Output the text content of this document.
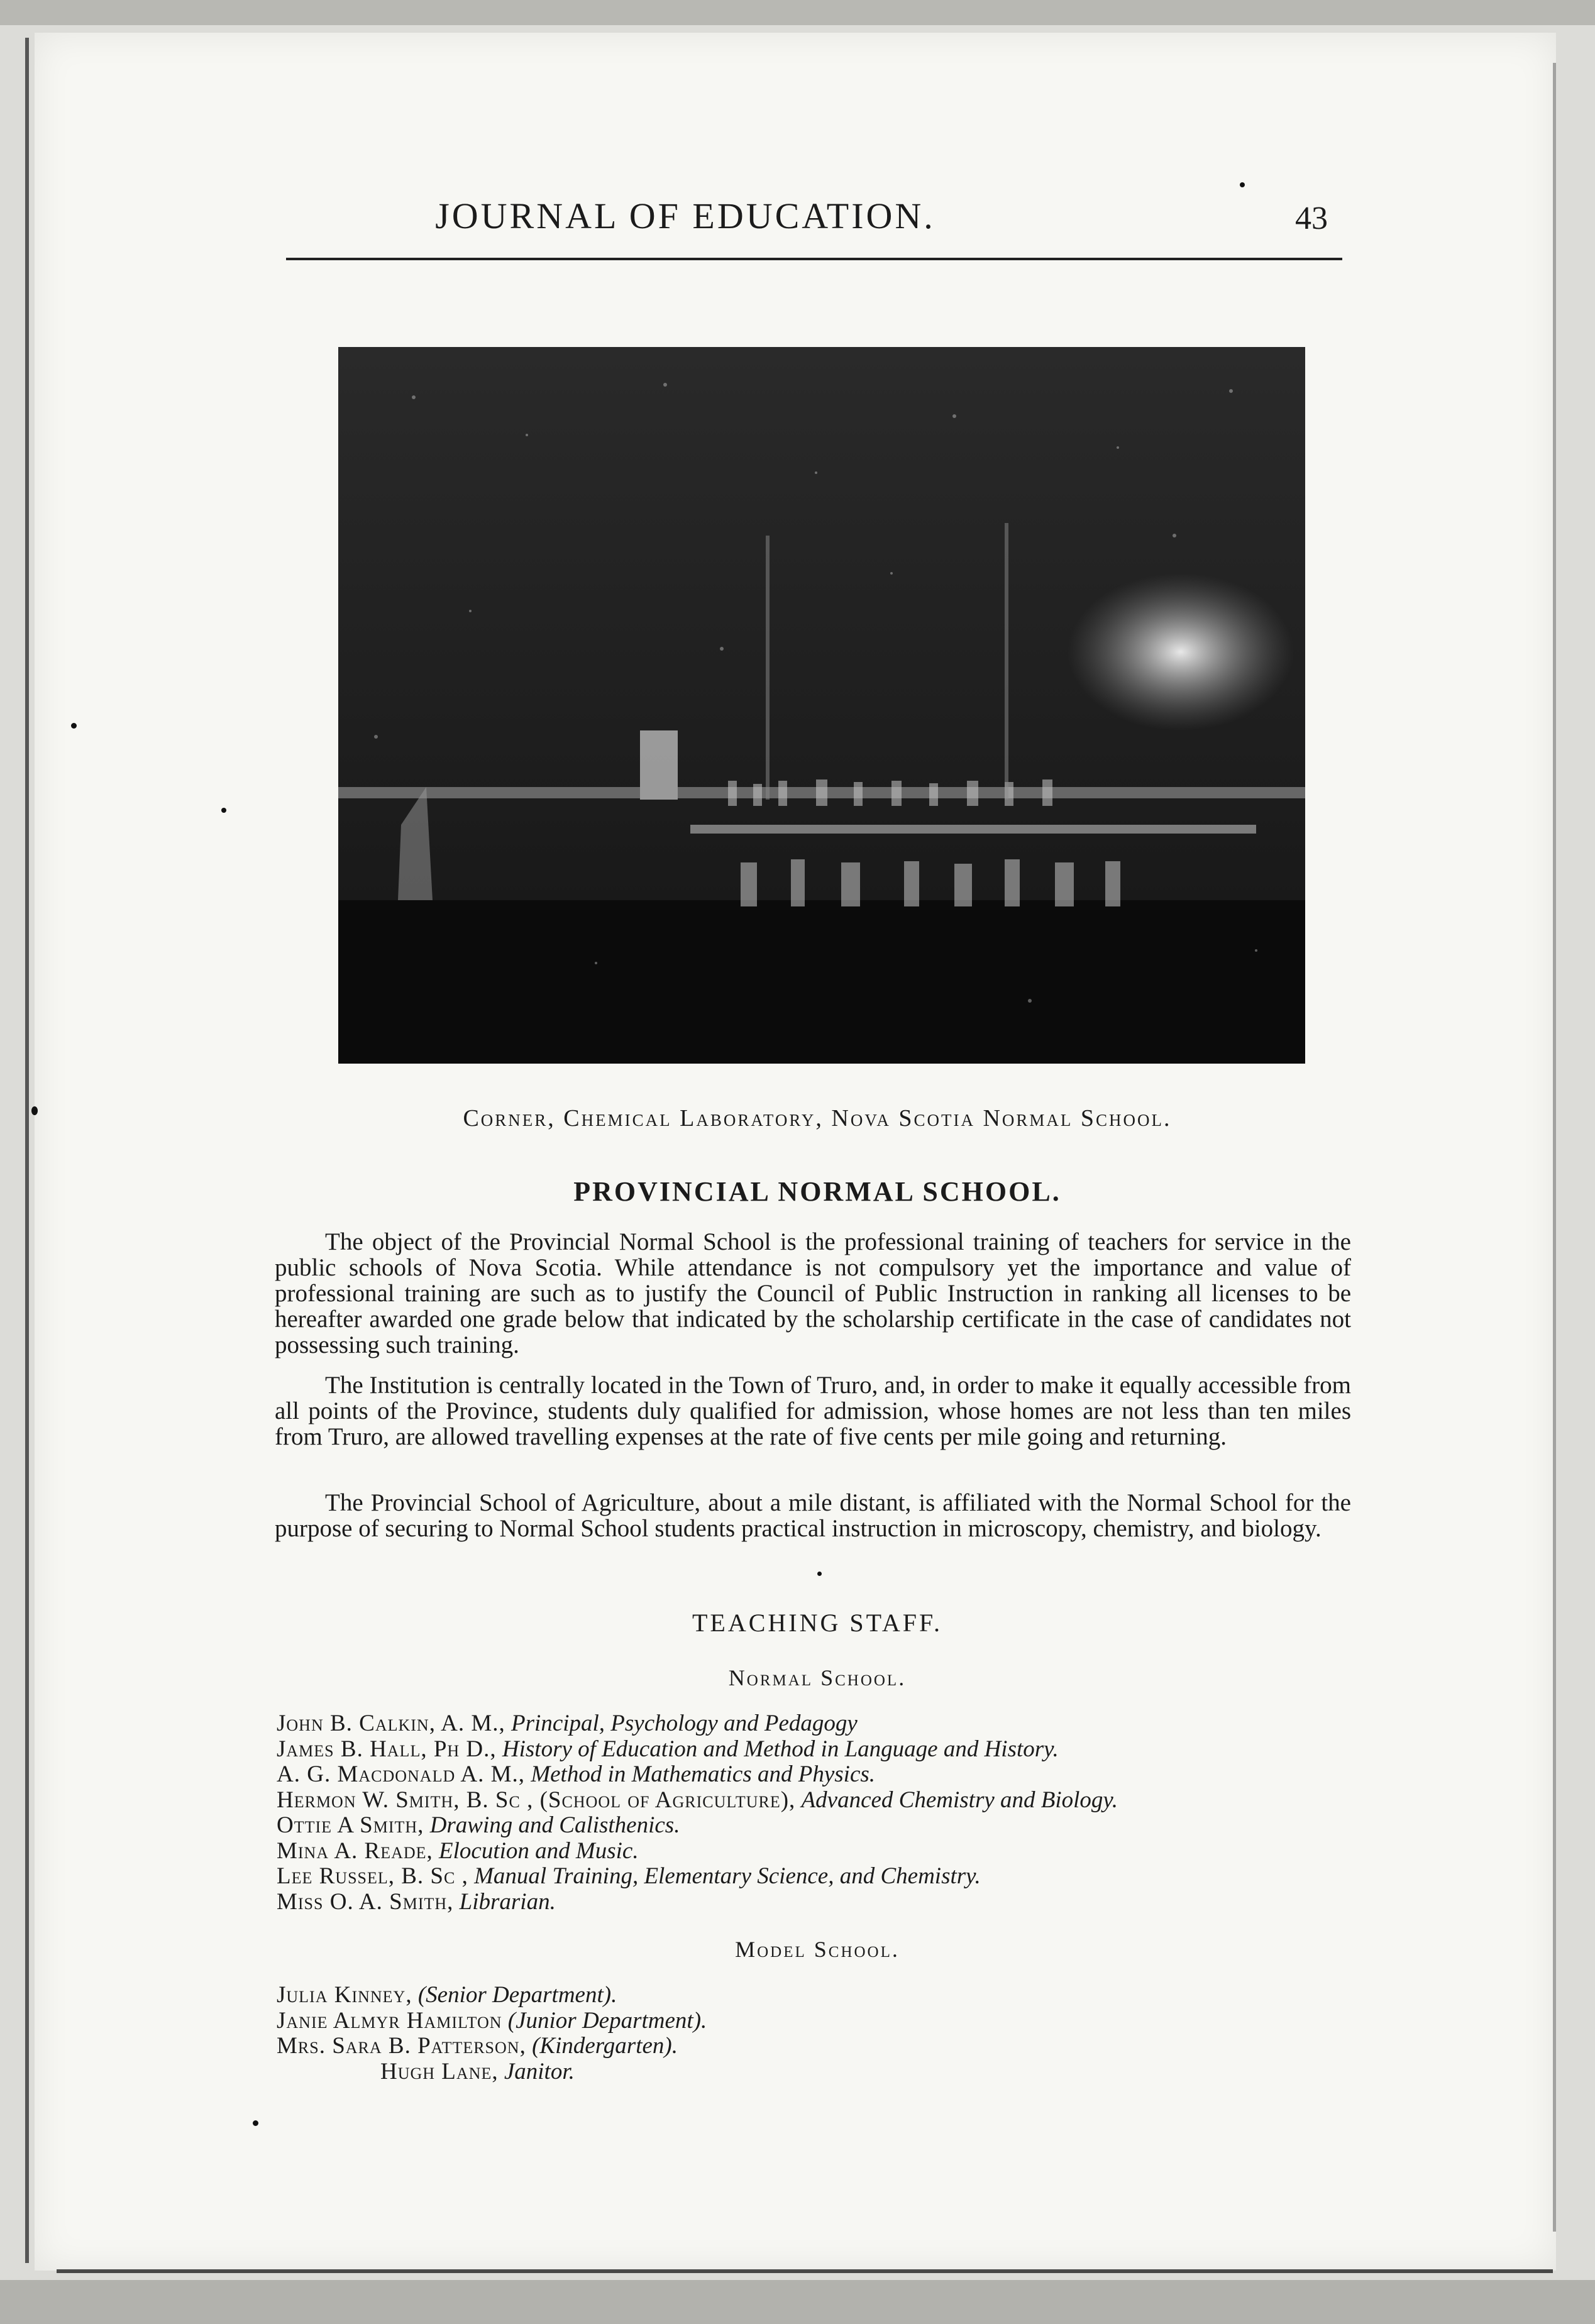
JOURNAL OF EDUCATION.	43
Corner, Chemical Laboratory, Nova Scotia Normal School.
PROVINCIAL NORMAL SCHOOL.

The object of the Provincial Normal School is the professional training of teachers for service in the public schools of Nova Scotia. While attendance is not compulsory yet the importance and value of professional training are such as to justify the Council of Public Instruction in ranking all licenses to be hereafter awarded one grade below that indicated by the scholarship certificate in the case of candidates not possessing such training.

The Institution is centrally located in the Town of Truro, and, in order to make it equally accessible from all points of the Province, students duly qualified for admission, whose homes are not less than ten miles from Truro, are allowed travelling expenses at the rate of five cents per mile going and returning.

The Provincial School of Agriculture, about a mile distant, is affiliated with the Normal School for the purpose of securing to Normal School students practical instruction in microscopy, chemistry, and biology.

TEACHING STAFF.
Normal School.
John B. Calkin, A. M., Principal, Psychology and Pedagogy
James B. Hall, Ph D., History of Education and Method in Language and History.
A. G. Macdonald A. M., Method in Mathematics and Physics.
Hermon W. Smith, B. Sc , (School of Agriculture), Advanced Chemistry and Biology.
Ottie A Smith, Drawing and Calisthenics.
Mina A. Reade, Elocution and Music.
Lee Russel, B. Sc , Manual Training, Elementary Science, and Chemistry.
Miss O. A. Smith, Librarian.
Model School.
Julia Kinney, (Senior Department).
Janie Almyr Hamilton (Junior Department).
Mrs. Sara B. Patterson, (Kindergarten).
Hugh Lane, Janitor.
